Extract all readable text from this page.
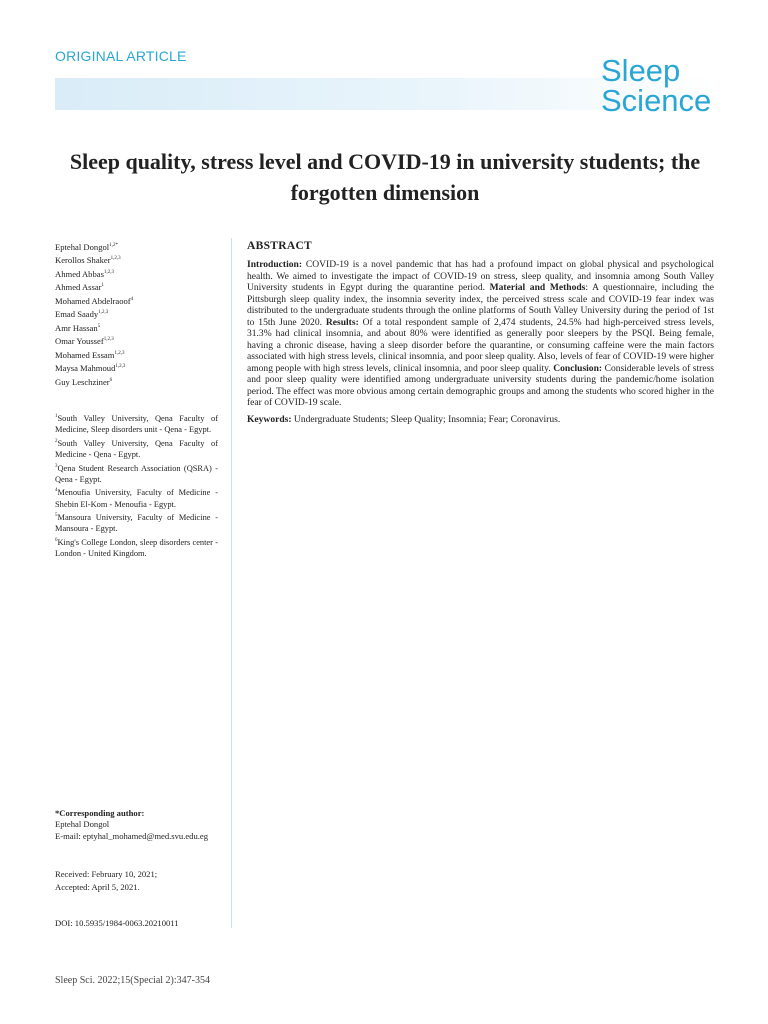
ORIGINAL ARTICLE	Sleep
Science
Sleep quality, stress level and COVID-19 in university students; the forgotten dimension
Eptehal Dongol$^{1,2*}$
Kerollos Shaker$^{1,2,3}$
Ahmed Abbas$^{1,2,3}$
Ahmed Assar$^1$
Mohamed Abdelraoof$^4$
Emad Saady$^{1,2,3}$
Amr Hassan$^5$
Omar Youssef$^{1,2,3}$
Mohamed Essam$^{1,2,3}$
Maysa Mahmoud$^{1,2,3}$
Guy Leschziner$^6$
$^1$South Valley University, Qena Faculty of Medicine, Sleep disorders unit - Qena - Egypt.
$^2$South Valley University, Qena Faculty of Medicine - Qena - Egypt.
$^3$Qena Student Research Association (QSRA) - Qena - Egypt.
$^4$Menoufia University, Faculty of Medicine - Shebin El-Kom - Menoufia - Egypt.
$^5$Mansoura University, Faculty of Medicine - Mansoura - Egypt.
$^6$King's College London, sleep disorders center - London - United Kingdom.
*Corresponding author:
Eptehal Dongol
E-mail: eptyhal_mohamed@med.svu.edu.eg
Received: February 10, 2021;
Accepted: April 5, 2021.
DOI: 10.5935/1984-0063.20210011
Sleep Sci. 2022;15(Special 2):347-354
ABSTRACT

Introduction: COVID-19 is a novel pandemic that has had a profound impact on global physical and psychological health. We aimed to investigate the impact of COVID-19 on stress, sleep quality, and insomnia among South Valley University students in Egypt during the quarantine period. Material and Methods: A questionnaire, including the Pittsburgh sleep quality index, the insomnia severity index, the perceived stress scale and COVID-19 fear index was distributed to the undergraduate students through the online platforms of South Valley University during the period of 1st to 15th June 2020. Results: Of a total respondent sample of 2,474 students, 24.5% had high-perceived stress levels, 31.3% had clinical insomnia, and about 80% were identified as generally poor sleepers by the PSQI. Being female, having a chronic disease, having a sleep disorder before the quarantine, or consuming caffeine were the main factors associated with high stress levels, clinical insomnia, and poor sleep quality. Also, levels of fear of COVID-19 were higher among people with high stress levels, clinical insomnia, and poor sleep quality. Conclusion: Considerable levels of stress and poor sleep quality were identified among undergraduate university students during the pandemic/home isolation period. The effect was more obvious among certain demographic groups and among the students who scored higher in the fear of COVID-19 scale.

Keywords: Undergraduate Students; Sleep Quality; Insomnia; Fear; Coronavirus.
